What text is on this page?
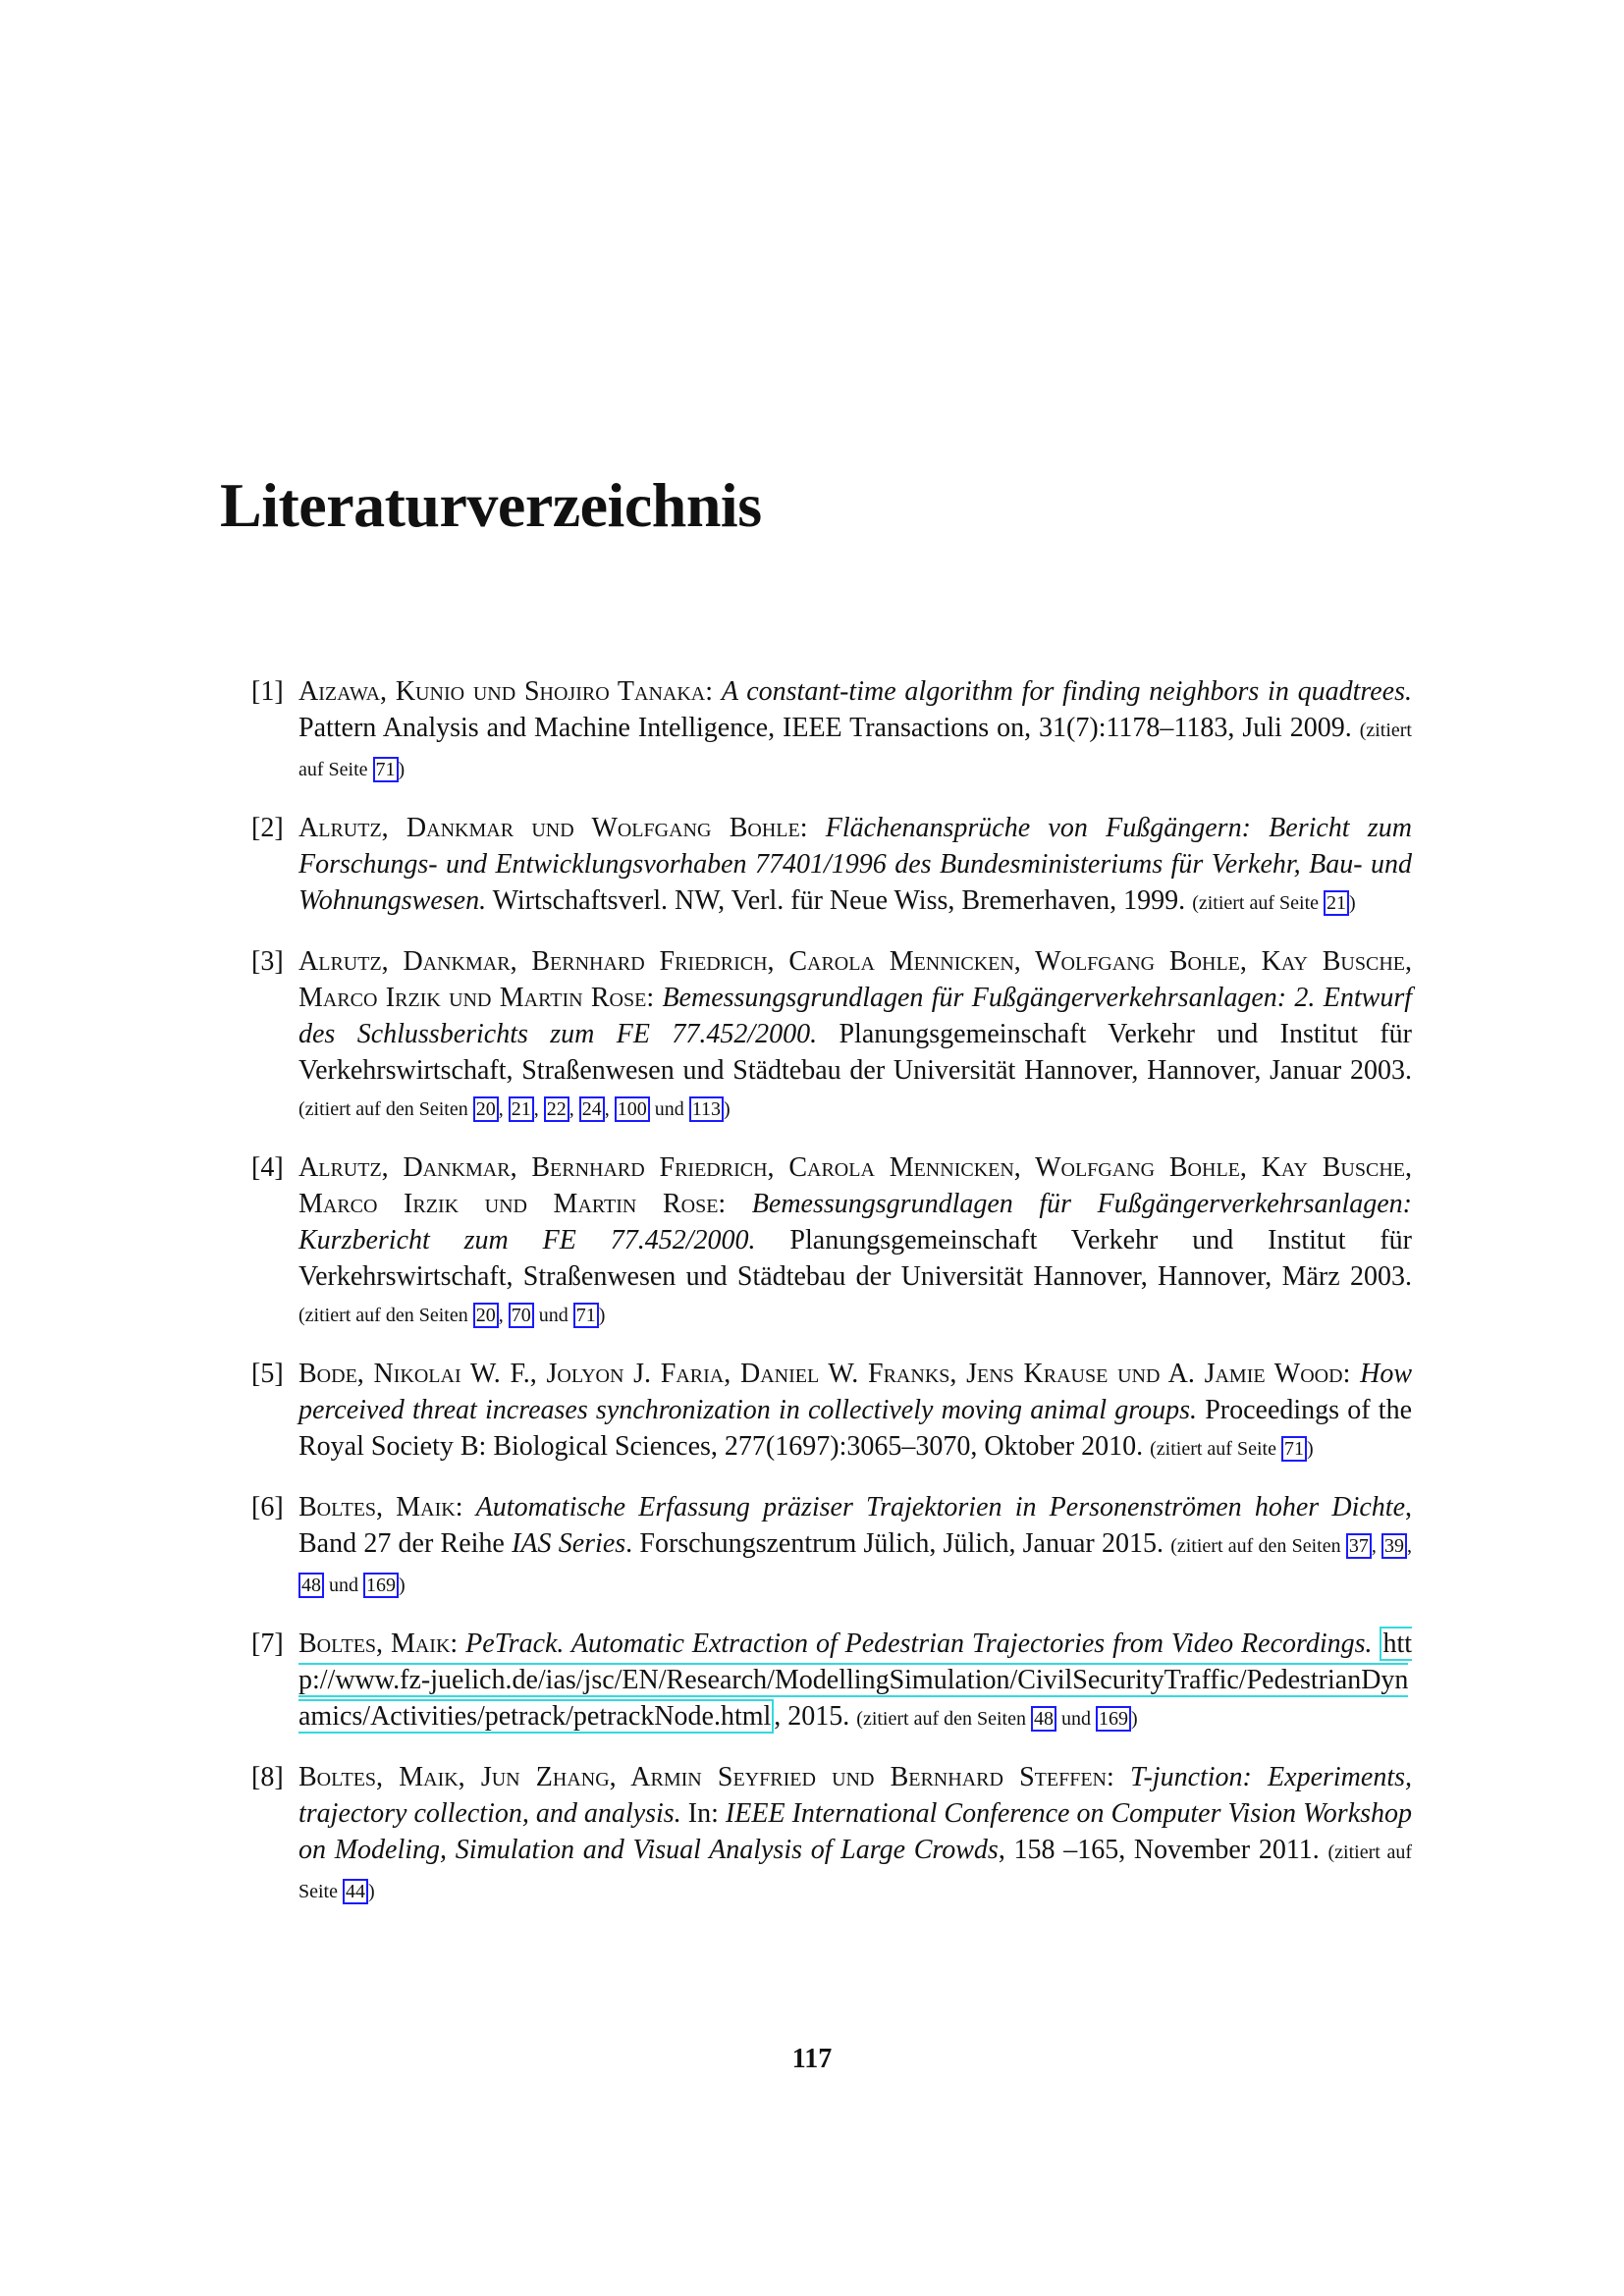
Literaturverzeichnis
[1] Aizawa, Kunio und Shojiro Tanaka: A constant-time algorithm for finding neighbors in quadtrees. Pattern Analysis and Machine Intelligence, IEEE Transactions on, 31(7):1178–1183, Juli 2009. (zitiert auf Seite 71 )
[2] Alrutz, Dankmar und Wolfgang Bohle: Flächenansprüche von Fußgängern: Bericht zum Forschungs- und Entwicklungsvorhaben 77401/1996 des Bundesministeriums für Verkehr, Bau- und Wohnungswesen. Wirtschaftsverl. NW, Verl. für Neue Wiss, Bremerhaven, 1999. (zitiert auf Seite 21 )
[3] Alrutz, Dankmar, Bernhard Friedrich, Carola Mennicken, Wolfgang Bohle, Kay Busche, Marco Irzik und Martin Rose: Bemessungsgrundlagen für Fußgängerverkehrsanlagen: 2. Entwurf des Schlussberichts zum FE 77.452/2000. Planungsgemeinschaft Verkehr und Institut für Verkehrswirtschaft, Straßenwesen und Städtebau der Universität Hannover, Hannover, Januar 2003. (zitiert auf den Seiten 20 , 21 , 22 , 24 , 100 und 113 )
[4] Alrutz, Dankmar, Bernhard Friedrich, Carola Mennicken, Wolfgang Bohle, Kay Busche, Marco Irzik und Martin Rose: Bemessungsgrundlagen für Fußgängerverkehrsanlagen: Kurzbericht zum FE 77.452/2000. Planungsgemeinschaft Verkehr und Institut für Verkehrswirtschaft, Straßenwesen und Städtebau der Universität Hannover, Hannover, März 2003. (zitiert auf den Seiten 20 , 70 und 71 )
[5] Bode, Nikolai W. F., Jolyon J. Faria, Daniel W. Franks, Jens Krause und A. Jamie Wood: How perceived threat increases synchronization in collectively moving animal groups. Proceedings of the Royal Society B: Biological Sciences, 277(1697):3065–3070, Oktober 2010. (zitiert auf Seite 71 )
[6] Boltes, Maik: Automatische Erfassung präziser Trajektorien in Personenströmen hoher Dichte, Band 27 der Reihe IAS Series. Forschungszentrum Jülich, Jülich, Januar 2015. (zitiert auf den Seiten 37 , 39 , 48 und 169 )
[7] Boltes, Maik: PeTrack. Automatic Extraction of Pedestrian Trajectories from Video Recordings. http://www.fz-juelich.de/ias/jsc/EN/Research/ModellingSimulation/CivilSecurityTraffic/PedestrianDynamics/Activities/petrack/petrackNode.html , 2015. (zitiert auf den Seiten 48 und 169 )
[8] Boltes, Maik, Jun Zhang, Armin Seyfried und Bernhard Steffen: T-junction: Experiments, trajectory collection, and analysis. In: IEEE International Conference on Computer Vision Workshop on Modeling, Simulation and Visual Analysis of Large Crowds, 158 –165, November 2011. (zitiert auf Seite 44 )
117
